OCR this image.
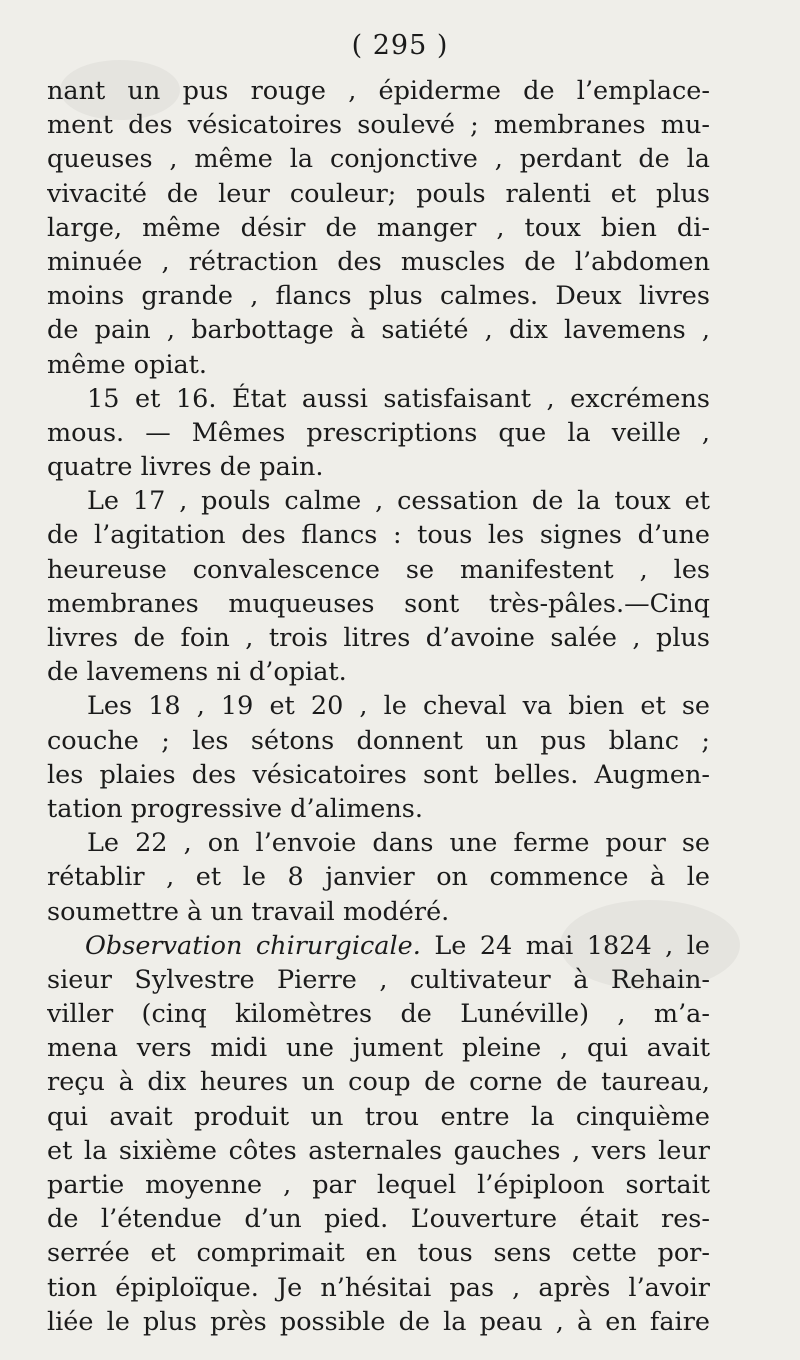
( 295 )
nant un pus rouge , épiderme de l’emplace-
ment des vésicatoires soulevé ; membranes mu-
queuses , même la conjonctive , perdant de la
vivacité de leur couleur; pouls ralenti et plus
large, même désir de manger , toux bien di-
minuée , rétraction des muscles de l’abdomen
moins grande , flancs plus calmes. Deux livres
de pain , barbottage à satiété , dix lavemens ,
même opiat.
15 et 16. État aussi satisfaisant , excrémens
mous. — Mêmes prescriptions que la veille ,
quatre livres de pain.
Le 17 , pouls calme , cessation de la toux et
de l’agitation des flancs : tous les signes d’une
heureuse convalescence se manifestent , les
membranes muqueuses sont très-pâles.—Cinq
livres de foin , trois litres d’avoine salée , plus
de lavemens ni d’opiat.
Les 18 , 19 et 20 , le cheval va bien et se
couche ; les sétons donnent un pus blanc ;
les plaies des vésicatoires sont belles. Augmen-
tation progressive d’alimens.
Le 22 , on l’envoie dans une ferme pour se
rétablir , et le 8 janvier on commence à le
soumettre à un travail modéré.
Observation chirurgicale. Le 24 mai 1824 , le
sieur Sylvestre Pierre , cultivateur à Rehain-
viller (cinq kilomètres de Lunéville) , m’a-
mena vers midi une jument pleine , qui avait
reçu à dix heures un coup de corne de taureau,
qui avait produit un trou entre la cinquième
et la sixième côtes asternales gauches , vers leur
partie moyenne , par lequel l’épiploon sortait
de l’étendue d’un pied. L’ouverture était res-
serrée et comprimait en tous sens cette por-
tion épiploïque. Je n’hésitai pas , après l’avoir
liée le plus près possible de la peau , à en faire
